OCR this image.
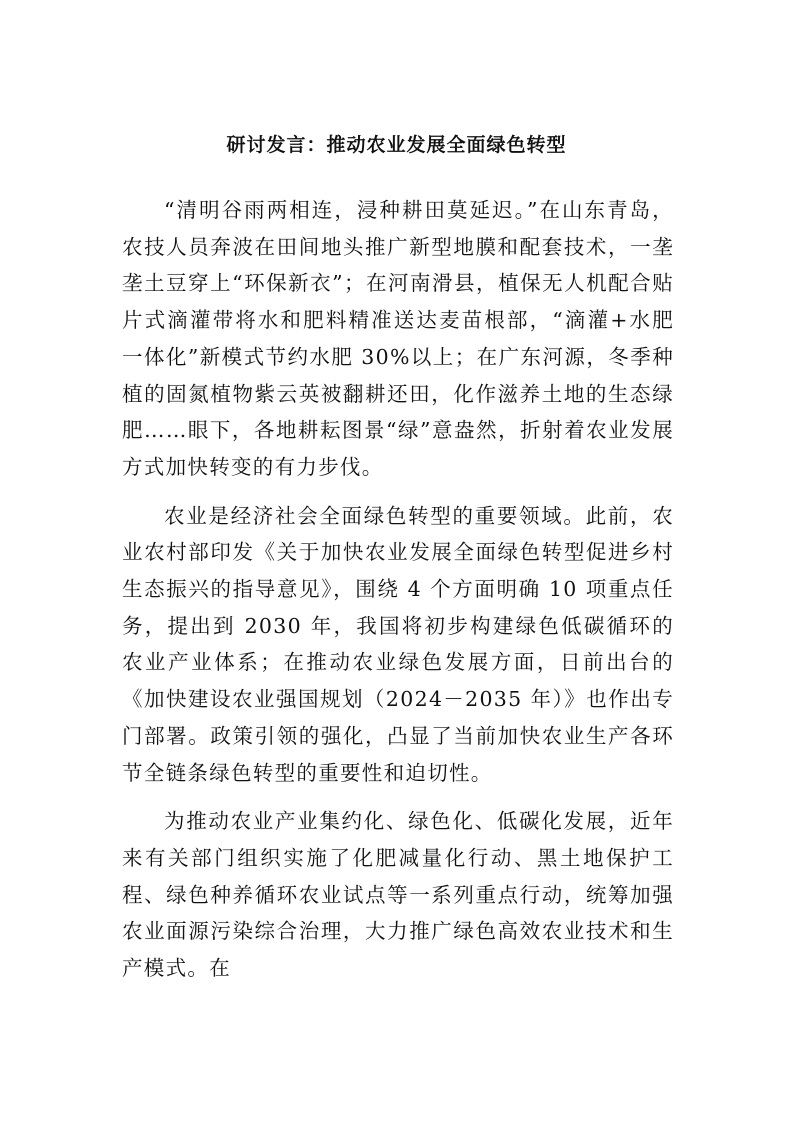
研讨发言：推动农业发展全面绿色转型

“清明谷雨两相连，浸种耕田莫延迟。”在山东青岛，农技人员奔波在田间地头推广新型地膜和配套技术，一垄垄土豆穿上“环保新衣”；在河南滑县，植保无人机配合贴片式滴灌带将水和肥料精准送达麦苗根部，“滴灌+水肥一体化”新模式节约水肥 30%以上；在广东河源，冬季种植的固氮植物紫云英被翻耕还田，化作滋养土地的生态绿肥……眼下，各地耕耘图景“绿”意盎然，折射着农业发展方式加快转变的有力步伐。

农业是经济社会全面绿色转型的重要领域。此前，农业农村部印发《关于加快农业发展全面绿色转型促进乡村生态振兴的指导意见》，围绕 4 个方面明确 10 项重点任务，提出到 2030 年，我国将初步构建绿色低碳循环的农业产业体系；在推动农业绿色发展方面，日前出台的《加快建设农业强国规划（2024－2035 年）》也作出专门部署。政策引领的强化，凸显了当前加快农业生产各环节全链条绿色转型的重要性和迫切性。

为推动农业产业集约化、绿色化、低碳化发展，近年来有关部门组织实施了化肥减量化行动、黑土地保护工程、绿色种养循环农业试点等一系列重点行动，统筹加强农业面源污染综合治理，大力推广绿色高效农业技术和生产模式。在
